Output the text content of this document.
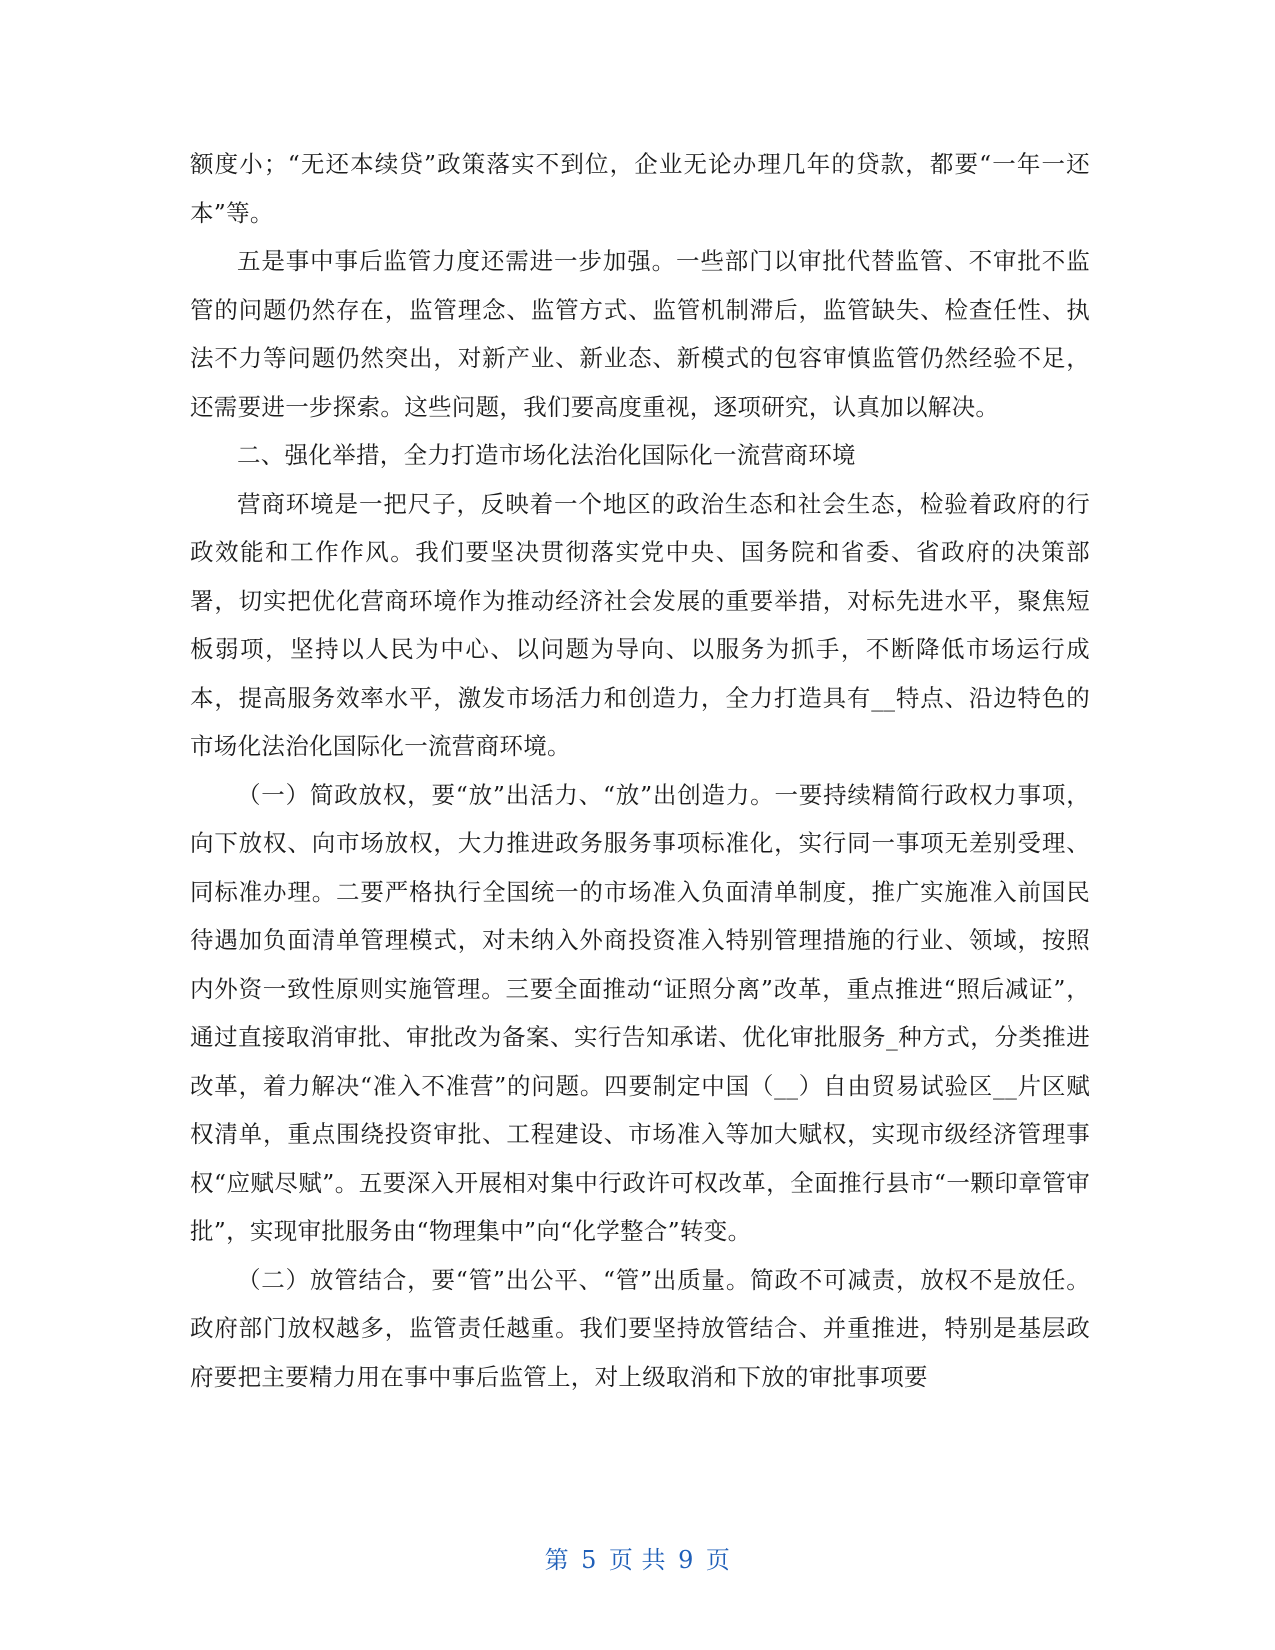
额度小；“无还本续贷”政策落实不到位，企业无论办理几年的贷款，都要“一年一还本”等。

五是事中事后监管力度还需进一步加强。一些部门以审批代替监管、不审批不监管的问题仍然存在，监管理念、监管方式、监管机制滞后，监管缺失、检查任性、执法不力等问题仍然突出，对新产业、新业态、新模式的包容审慎监管仍然经验不足，还需要进一步探索。这些问题，我们要高度重视，逐项研究，认真加以解决。

二、强化举措，全力打造市场化法治化国际化一流营商环境

营商环境是一把尺子，反映着一个地区的政治生态和社会生态，检验着政府的行政效能和工作作风。我们要坚决贯彻落实党中央、国务院和省委、省政府的决策部署，切实把优化营商环境作为推动经济社会发展的重要举措，对标先进水平，聚焦短板弱项，坚持以人民为中心、以问题为导向、以服务为抓手，不断降低市场运行成本，提高服务效率水平，激发市场活力和创造力，全力打造具有__特点、沿边特色的市场化法治化国际化一流营商环境。

（一）简政放权，要“放”出活力、“放”出创造力。一要持续精简行政权力事项，向下放权、向市场放权，大力推进政务服务事项标准化，实行同一事项无差别受理、同标准办理。二要严格执行全国统一的市场准入负面清单制度，推广实施准入前国民待遇加负面清单管理模式，对未纳入外商投资准入特别管理措施的行业、领域，按照内外资一致性原则实施管理。三要全面推动“证照分离”改革，重点推进“照后减证”，通过直接取消审批、审批改为备案、实行告知承诺、优化审批服务_种方式，分类推进改革，着力解决“准入不准营”的问题。四要制定中国（__）自由贸易试验区__片区赋权清单，重点围绕投资审批、工程建设、市场准入等加大赋权，实现市级经济管理事权“应赋尽赋”。五要深入开展相对集中行政许可权改革，全面推行县市“一颗印章管审批”，实现审批服务由“物理集中”向“化学整合”转变。

（二）放管结合，要“管”出公平、“管”出质量。简政不可减责，放权不是放任。政府部门放权越多，监管责任越重。我们要坚持放管结合、并重推进，特别是基层政府要把主要精力用在事中事后监管上，对上级取消和下放的审批事项要

第 5 页 共 9 页
